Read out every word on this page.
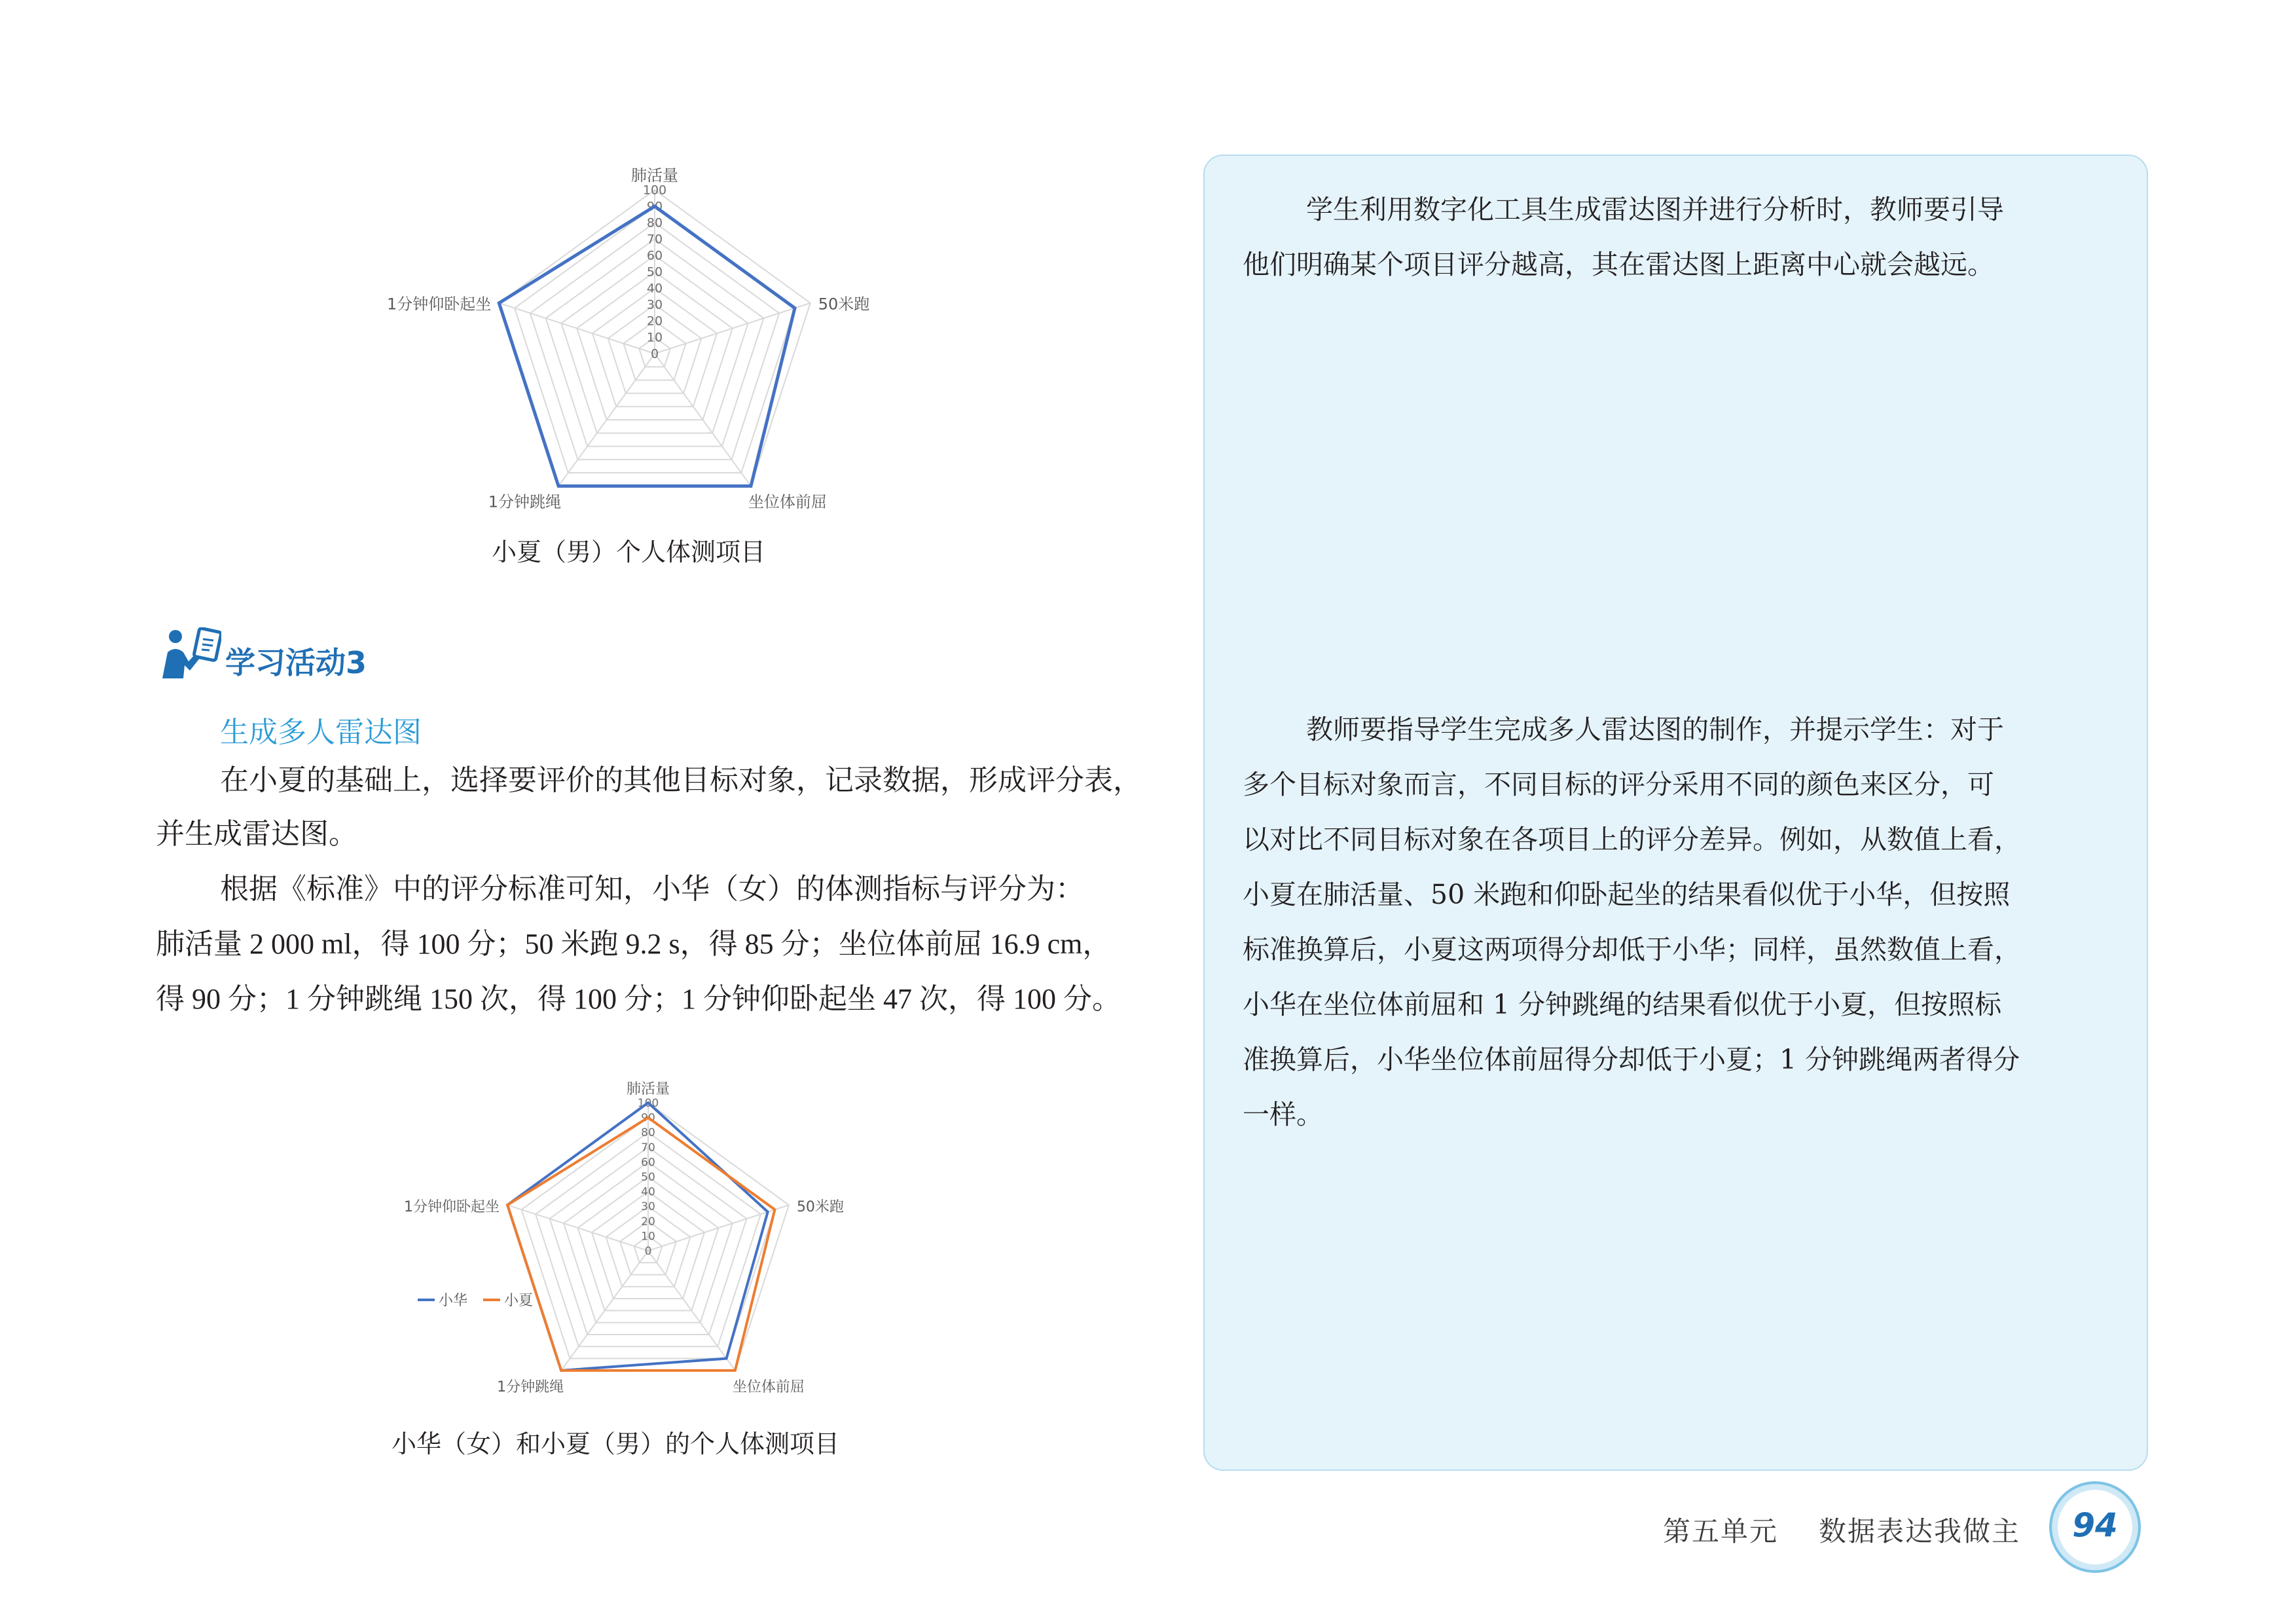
0
10
20
30
40
50
60
70
80
90
100
肺活量
50米跑
坐位体前屈
1分钟跳绳
1分钟仰卧起坐
小夏（男）个人体测项目
学习活动3
生成多人雷达图

在小夏的基础上，选择要评价的其他目标对象，记录数据，形成评分表，

并生成雷达图。

根据《标准》中的评分标准可知，小华（女）的体测指标与评分为：

肺活量 2 000 ml，得 100 分；50 米跑 9.2 s，得 85 分；坐位体前屈 16.9 cm，

得 90 分；1 分钟跳绳 150 次，得 100 分；1 分钟仰卧起坐 47 次，得 100 分。

0
10
20
30
40
50
60
70
80
90
100
肺活量
50米跑
坐位体前屈
1分钟跳绳
1分钟仰卧起坐
小华	小夏
小华（女）和小夏（男）的个人体测项目

学生利用数字化工具生成雷达图并进行分析时，教师要引导

他们明确某个项目评分越高，其在雷达图上距离中心就会越远。

教师要指导学生完成多人雷达图的制作，并提示学生：对于

多个目标对象而言，不同目标的评分采用不同的颜色来区分，可

以对比不同目标对象在各项目上的评分差异。例如，从数值上看，

小夏在肺活量、50 米跑和仰卧起坐的结果看似优于小华，但按照

标准换算后，小夏这两项得分却低于小华；同样，虽然数值上看，

小华在坐位体前屈和 1 分钟跳绳的结果看似优于小夏，但按照标

准换算后，小华坐位体前屈得分却低于小夏；1 分钟跳绳两者得分

一样。

第五单元 数据表达我做主	94
